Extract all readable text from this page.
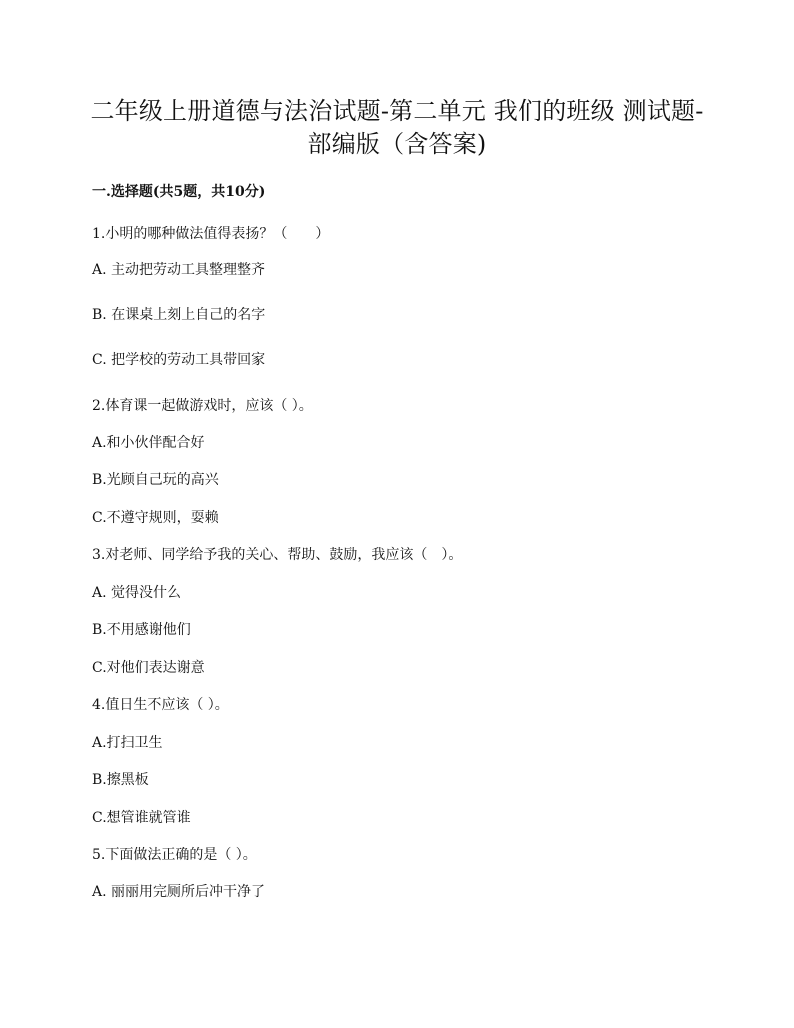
二年级上册道德与法治试题-第二单元 我们的班级 测试题-
部编版（含答案)
一.选择题(共5题，共10分)
1.小明的哪种做法值得表扬？（　　）
A. 主动把劳动工具整理整齐
B. 在课桌上刻上自己的名字
C. 把学校的劳动工具带回家
2.体育课一起做游戏时，应该（ ）。
A.和小伙伴配合好
B.光顾自己玩的高兴
C.不遵守规则，耍赖
3.对老师、同学给予我的关心、帮助、鼓励，我应该（　）。
A. 觉得没什么
B.不用感谢他们
C.对他们表达谢意
4.值日生不应该（ ）。
A.打扫卫生
B.擦黑板
C.想管谁就管谁
5.下面做法正确的是（ ）。
A. 丽丽用完厕所后冲干净了
